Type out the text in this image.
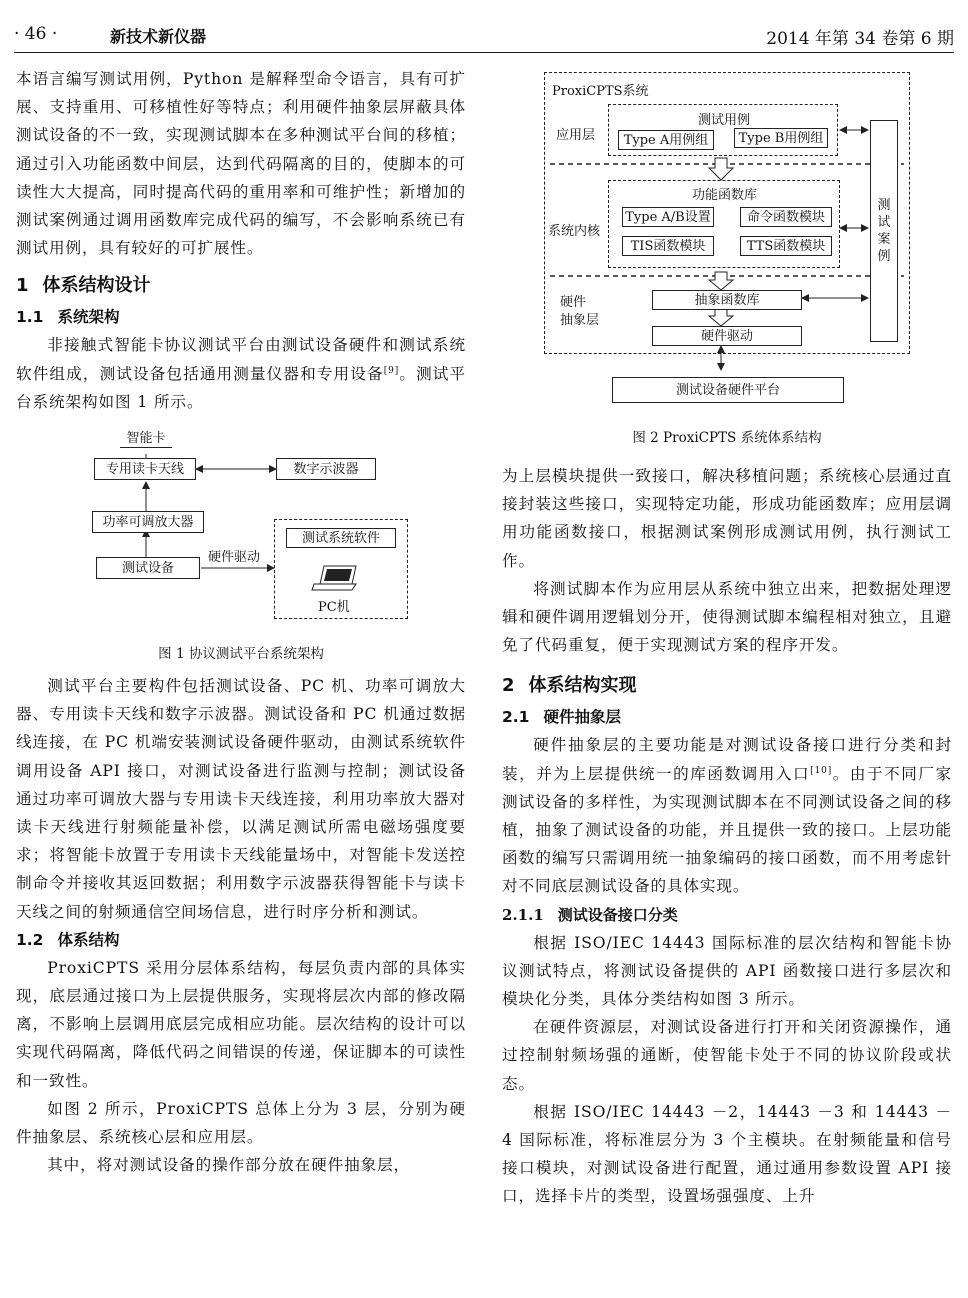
· 46 ·	新技术新仪器	2014 年第 34 卷第 6 期

本语言编写测试用例，Python 是解释型命令语言，具有可扩展、支持重用、可移植性好等特点；利用硬件抽象层屏蔽具体测试设备的不一致，实现测试脚本在多种测试平台间的移植；通过引入功能函数中间层，达到代码隔离的目的，使脚本的可读性大大提高，同时提高代码的重用率和可维护性；新增加的测试案例通过调用函数库完成代码的编写，不会影响系统已有测试用例，具有较好的可扩展性。

1 体系结构设计
1.1 系统架构

非接触式智能卡协议测试平台由测试设备硬件和测试系统软件组成，测试设备包括通用测量仪器和专用设备[9]。测试平台系统架构如图 1 所示。

智能卡
专用读卡天线	数字示波器
功率可调放大器
测试系统软件
测试设备
硬件驱动
PC机
图 1 协议测试平台系统架构

测试平台主要构件包括测试设备、PC 机、功率可调放大器、专用读卡天线和数字示波器。测试设备和 PC 机通过数据线连接，在 PC 机端安装测试设备硬件驱动，由测试系统软件调用设备 API 接口，对测试设备进行监测与控制；测试设备通过功率可调放大器与专用读卡天线连接，利用功率放大器对读卡天线进行射频能量补偿，以满足测试所需电磁场强度要求；将智能卡放置于专用读卡天线能量场中，对智能卡发送控制命令并接收其返回数据；利用数字示波器获得智能卡与读卡天线之间的射频通信空间场信息，进行时序分析和测试。

1.2 体系结构

ProxiCPTS 采用分层体系结构，每层负责内部的具体实现，底层通过接口为上层提供服务，实现将层次内部的修改隔离，不影响上层调用底层完成相应功能。层次结构的设计可以实现代码隔离，降低代码之间错误的传递，保证脚本的可读性和一致性。

如图 2 所示，ProxiCPTS 总体上分为 3 层，分别为硬件抽象层、系统核心层和应用层。

其中，将对测试设备的操作部分放在硬件抽象层，

ProxiCPTS系统
应用层
测试用例
Type A用例组	Type B用例组
系统内核
功能函数库
Type A/B设置	命令函数模块
TIS函数模块	TTS函数模块
硬件
抽象层
抽象函数库
硬件驱动
测
试
案
例
测试设备硬件平台
图 2 ProxiCPTS 系统体系结构

为上层模块提供一致接口，解决移植问题；系统核心层通过直接封装这些接口，实现特定功能，形成功能函数库；应用层调用功能函数接口，根据测试案例形成测试用例，执行测试工作。

将测试脚本作为应用层从系统中独立出来，把数据处理逻辑和硬件调用逻辑划分开，使得测试脚本编程相对独立，且避免了代码重复，便于实现测试方案的程序开发。

2 体系结构实现
2.1 硬件抽象层

硬件抽象层的主要功能是对测试设备接口进行分类和封装，并为上层提供统一的库函数调用入口[10]。由于不同厂家测试设备的多样性，为实现测试脚本在不同测试设备之间的移植，抽象了测试设备的功能，并且提供一致的接口。上层功能函数的编写只需调用统一抽象编码的接口函数，而不用考虑针对不同底层测试设备的具体实现。

2.1.1 测试设备接口分类

根据 ISO/IEC 14443 国际标准的层次结构和智能卡协议测试特点，将测试设备提供的 API 函数接口进行多层次和模块化分类，具体分类结构如图 3 所示。

在硬件资源层，对测试设备进行打开和关闭资源操作，通过控制射频场强的通断，使智能卡处于不同的协议阶段或状态。

根据 ISO/IEC 14443 －2，14443 －3 和 14443 －4 国际标准，将标准层分为 3 个主模块。在射频能量和信号接口模块，对测试设备进行配置，通过通用参数设置 API 接口，选择卡片的类型，设置场强强度、上升
